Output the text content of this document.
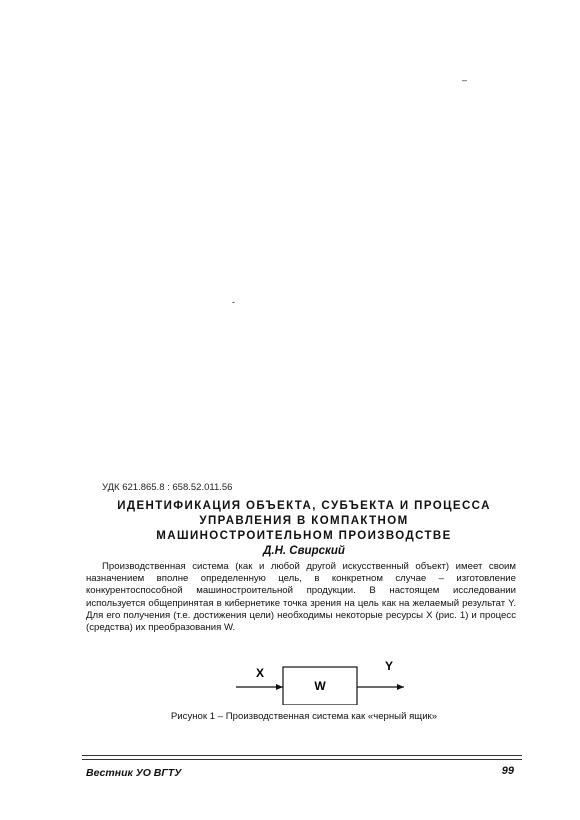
–
-
УДК 621.865.8 : 658.52.011.56
ИДЕНТИФИКАЦИЯ ОБЪЕКТА, СУБЪЕКТА И ПРОЦЕССА
УПРАВЛЕНИЯ В КОМПАКТНОМ
МАШИНОСТРОИТЕЛЬНОМ ПРОИЗВОДСТВЕ
Д.Н. Свирский

Производственная система (как и любой другой искусственный объект) имеет своим назначением вполне определенную цель, в конкретном случае – изготовление конкурентоспособной машиностроительной продукции. В настоящем исследовании используется общепринятая в кибернетике точка зрения на цель как на желаемый результат Y. Для его получения (т.е. достижения цели) необходимы некоторые ресурсы X (рис. 1) и процесс (средства) их преобразования W.

X
W
Y
Рисунок 1 – Производственная система как «черный ящик»
Вестник УО ВГТУ	99
